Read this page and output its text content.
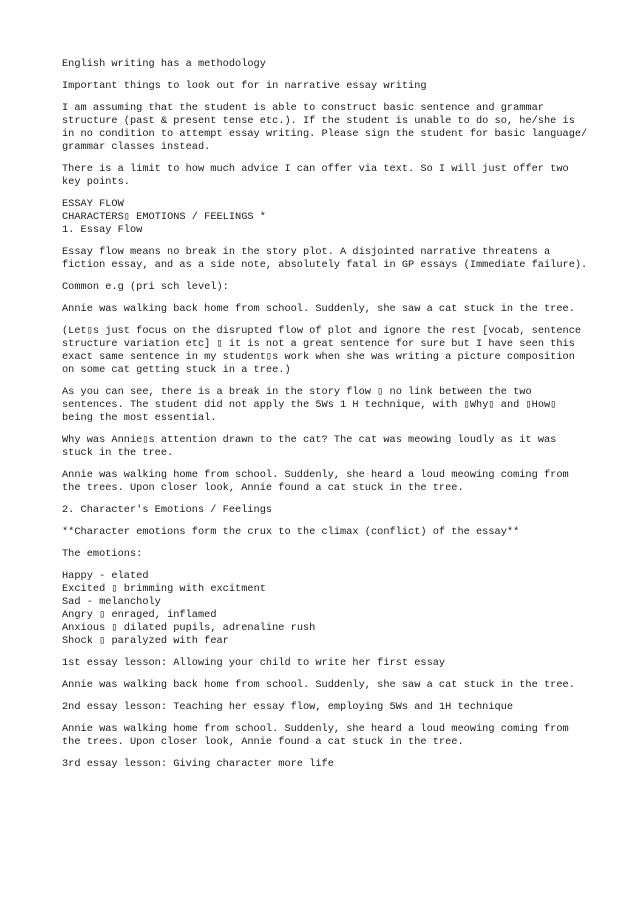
English writing has a methodology

Important things to look out for in narrative essay writing

I am assuming that the student is able to construct basic sentence and grammar structure (past & present tense etc.). If the student is unable to do so, he/she is in no condition to attempt essay writing. Please sign the student for basic language/ grammar classes instead.

There is a limit to how much advice I can offer via text. So I will just offer two key points.

ESSAY FLOW
CHARACTERS▯ EMOTIONS / FEELINGS *
1. Essay Flow

Essay flow means no break in the story plot. A disjointed narrative threatens a fiction essay, and as a side note, absolutely fatal in GP essays (Immediate failure).

Common e.g (pri sch level):

Annie was walking back home from school. Suddenly, she saw a cat stuck in the tree.

(Let▯s just focus on the disrupted flow of plot and ignore the rest [vocab, sentence structure variation etc] ▯ it is not a great sentence for sure but I have seen this exact same sentence in my student▯s work when she was writing a picture composition on some cat getting stuck in a tree.)

As you can see, there is a break in the story flow ▯ no link between the two sentences. The student did not apply the 5Ws 1 H technique, with ▯Why▯ and ▯How▯ being the most essential.

Why was Annie▯s attention drawn to the cat? The cat was meowing loudly as it was stuck in the tree.

Annie was walking home from school. Suddenly, she heard a loud meowing coming from the trees. Upon closer look, Annie found a cat stuck in the tree.

2. Character's Emotions / Feelings

**Character emotions form the crux to the climax (conflict) of the essay**

The emotions:

Happy - elated
Excited ▯ brimming with excitment
Sad - melancholy
Angry ▯ enraged, inflamed
Anxious ▯ dilated pupils, adrenaline rush
Shock ▯ paralyzed with fear

1st essay lesson: Allowing your child to write her first essay

Annie was walking back home from school. Suddenly, she saw a cat stuck in the tree.

2nd essay lesson: Teaching her essay flow, employing 5Ws and 1H technique

Annie was walking home from school. Suddenly, she heard a loud meowing coming from the trees. Upon closer look, Annie found a cat stuck in the tree.

3rd essay lesson: Giving character more life
